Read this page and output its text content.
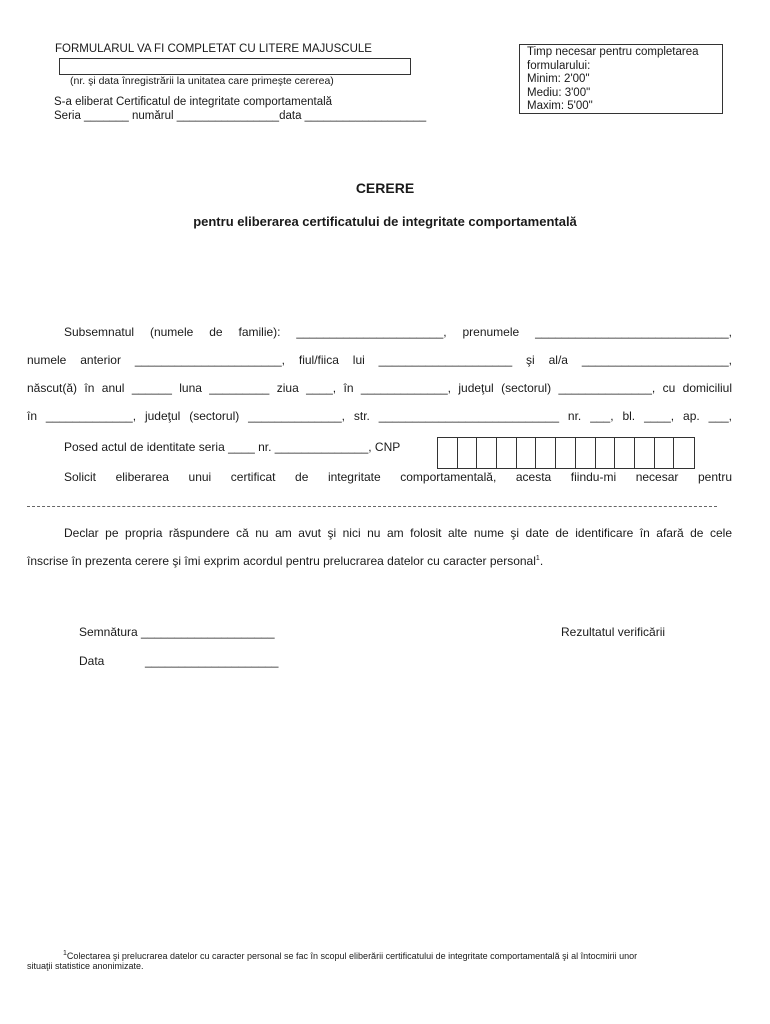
FORMULARUL VA FI COMPLETAT CU LITERE MAJUSCULE
(nr. şi data înregistrării la unitatea care primeşte cererea)
S-a eliberat Certificatul de integritate comportamentală
Seria _______ numărul ________________data ___________________
Timp necesar pentru completarea
formularului:
Minim: 2'00"
Mediu: 3'00"
Maxim: 5'00"
CERERE
pentru eliberarea certificatului de integritate comportamentală
Subsemnatul (numele de familie): ______________________, prenumele _____________________________,
numele anterior ______________________, fiul/fiica lui ____________________ şi al/a ______________________,
născut(ă) în anul ______ luna _________ ziua ____, în _____________, judeţul (sectorul) ______________, cu domiciliul
în _____________, judeţul (sectorul) ______________, str. ___________________________ nr. ___, bl. ____, ap. ___,
Posed actul de identitate seria ____ nr. ______________, CNP
Solicit eliberarea unui certificat de integritate comportamentală, acesta fiindu-mi necesar pentru
Declar pe propria răspundere că nu am avut şi nici nu am folosit alte nume şi date de identificare în afară de cele
înscrise în prezenta cerere şi îmi exprim acordul pentru prelucrarea datelor cu caracter personal$^1$.
Semnătura ____________________
Data	____________________
Rezultatul verificării
$^1$Colectarea şi prelucrarea datelor cu caracter personal se fac în scopul eliberării certificatului de integritate comportamentală şi al întocmirii unor
situaţii statistice anonimizate.
